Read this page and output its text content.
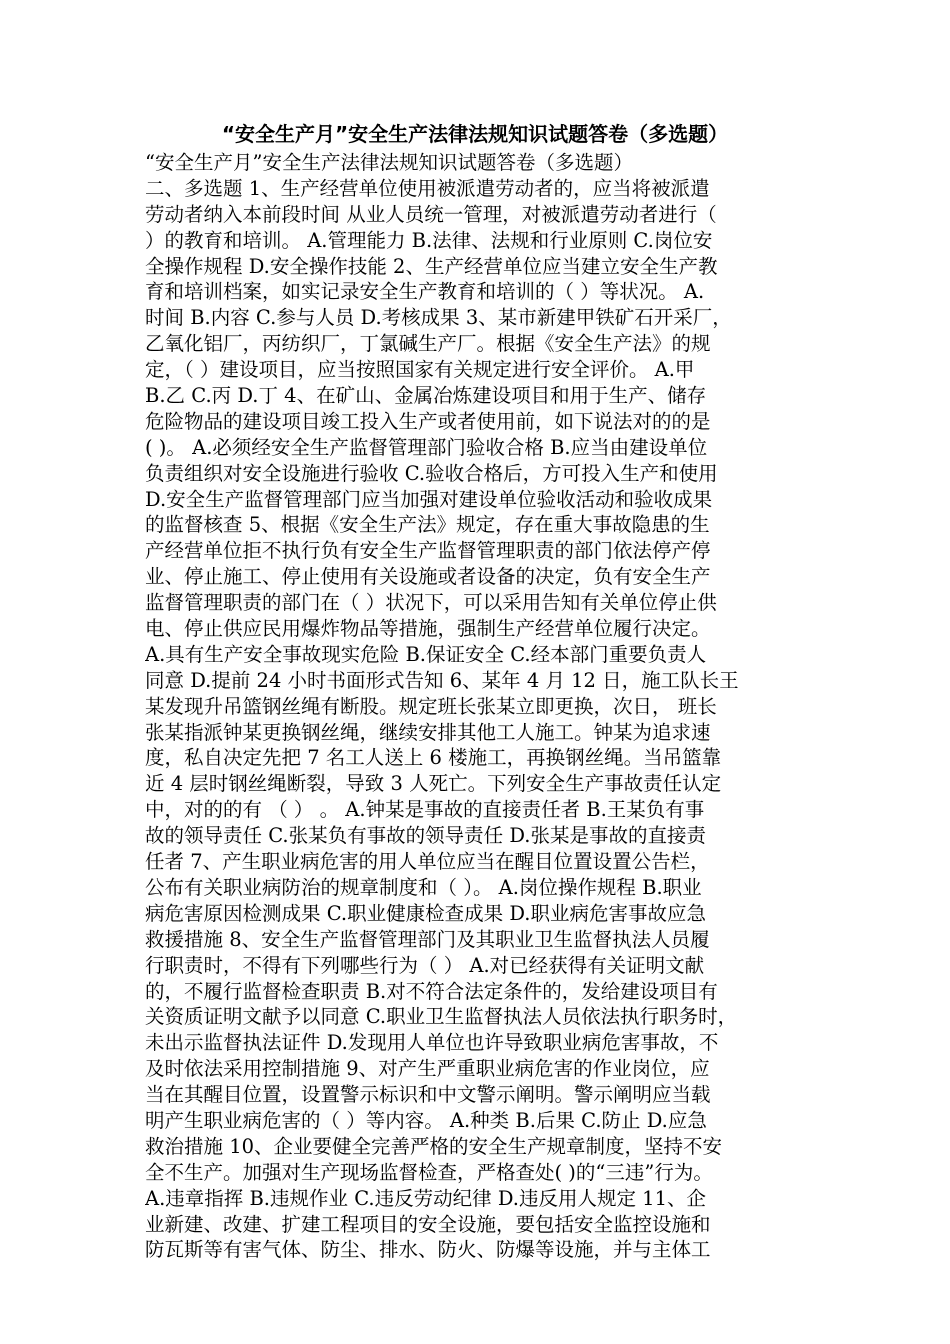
“安全生产月”安全生产法律法规知识试题答卷（多选题）
“安全生产月”安全生产法律法规知识试题答卷（多选题）
二、多选题 1、生产经营单位使用被派遣劳动者的，应当将被派遣
劳动者纳入本前段时间 从业人员统一管理，对被派遣劳动者进行（
）的教育和培训。 A.管理能力 B.法律、法规和行业原则 C.岗位安
全操作规程 D.安全操作技能 2、生产经营单位应当建立安全生产教
育和培训档案，如实记录安全生产教育和培训的（ ）等状况。 A.
时间 B.内容 C.参与人员 D.考核成果 3、某市新建甲铁矿石开采厂，
乙氧化铝厂，丙纺织厂，丁氯碱生产厂。根据《安全生产法》的规
定，（ ）建设项目，应当按照国家有关规定进行安全评价。 A.甲
B.乙 C.丙 D.丁 4、在矿山、金属冶炼建设项目和用于生产、储存
危险物品的建设项目竣工投入生产或者使用前，如下说法对的的是
( )。 A.必须经安全生产监督管理部门验收合格 B.应当由建设单位
负责组织对安全设施进行验收 C.验收合格后，方可投入生产和使用
D.安全生产监督管理部门应当加强对建设单位验收活动和验收成果
的监督核查 5、根据《安全生产法》规定，存在重大事故隐患的生
产经营单位拒不执行负有安全生产监督管理职责的部门依法停产停
业、停止施工、停止使用有关设施或者设备的决定，负有安全生产
监督管理职责的部门在（ ）状况下，可以采用告知有关单位停止供
电、停止供应民用爆炸物品等措施，强制生产经营单位履行决定。
A.具有生产安全事故现实危险 B.保证安全 C.经本部门重要负责人
同意 D.提前 24 小时书面形式告知 6、某年 4 月 12 日，施工队长王
某发现升吊篮钢丝绳有断股。规定班长张某立即更换，次日， 班长
张某指派钟某更换钢丝绳，继续安排其他工人施工。钟某为追求速
度，私自决定先把 7 名工人送上 6 楼施工，再换钢丝绳。当吊篮靠
近 4 层时钢丝绳断裂，导致 3 人死亡。下列安全生产事故责任认定
中，对的的有 （ ） 。 A.钟某是事故的直接责任者 B.王某负有事
故的领导责任 C.张某负有事故的领导责任 D.张某是事故的直接责
任者 7、产生职业病危害的用人单位应当在醒目位置设置公告栏，
公布有关职业病防治的规章制度和（ ）。 A.岗位操作规程 B.职业
病危害原因检测成果 C.职业健康检查成果 D.职业病危害事故应急
救援措施 8、安全生产监督管理部门及其职业卫生监督执法人员履
行职责时，不得有下列哪些行为（ ） A.对已经获得有关证明文献
的，不履行监督检查职责 B.对不符合法定条件的，发给建设项目有
关资质证明文献予以同意 C.职业卫生监督执法人员依法执行职务时，
未出示监督执法证件 D.发现用人单位也许导致职业病危害事故，不
及时依法采用控制措施 9、对产生严重职业病危害的作业岗位，应
当在其醒目位置，设置警示标识和中文警示阐明。警示阐明应当载
明产生职业病危害的（ ）等内容。 A.种类 B.后果 C.防止 D.应急
救治措施 10、企业要健全完善严格的安全生产规章制度，坚持不安
全不生产。加强对生产现场监督检查，严格查处( )的“三违”行为。
A.违章指挥 B.违规作业 C.违反劳动纪律 D.违反用人规定 11、企
业新建、改建、扩建工程项目的安全设施，要包括安全监控设施和
防瓦斯等有害气体、防尘、排水、防火、防爆等设施，并与主体工
